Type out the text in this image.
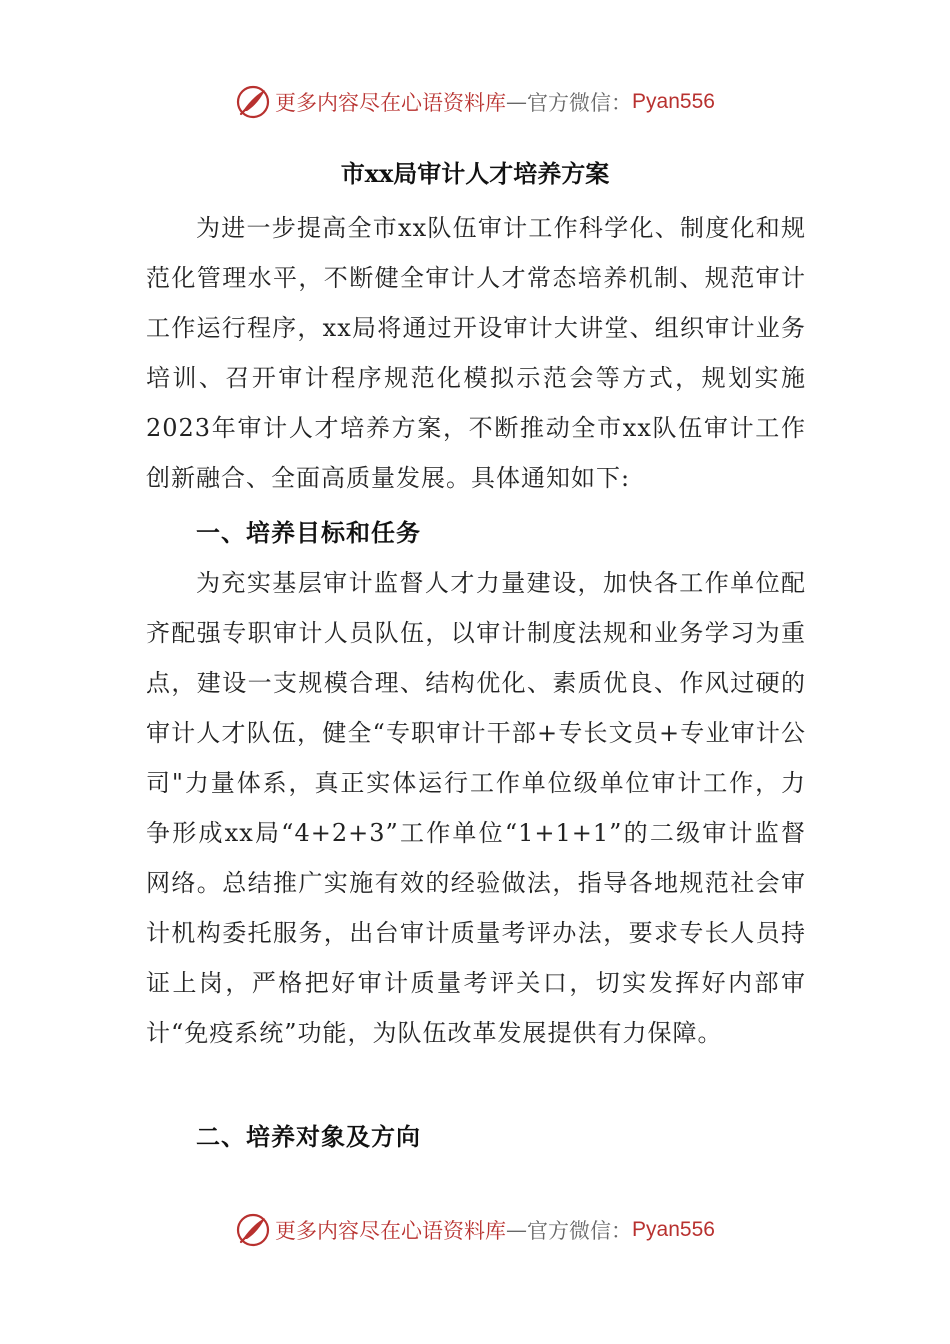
更多内容尽在心语资料库 — 官方微信： Pyan556
市xx局审计人才培养方案

为进一步提高全市xx队伍审计工作科学化、制度化和规范化管理水平，不断健全审计人才常态培养机制、规范审计工作运行程序，xx局将通过开设审计大讲堂、组织审计业务培训、召开审计程序规范化模拟示范会等方式，规划实施2023年审计人才培养方案，不断推动全市xx队伍审计工作创新融合、全面高质量发展。具体通知如下:

一、培养目标和任务

为充实基层审计监督人才力量建设，加快各工作单位配齐配强专职审计人员队伍，以审计制度法规和业务学习为重点，建设一支规模合理、结构优化、素质优良、作风过硬的审计人才队伍，健全“专职审计干部+专长文员+专业审计公司"力量体系，真正实体运行工作单位级单位审计工作，力争形成xx局“4+2+3”工作单位“1+1+1”的二级审计监督网络。总结推广实施有效的经验做法，指导各地规范社会审计机构委托服务，出台审计质量考评办法，要求专长人员持证上岗，严格把好审计质量考评关口，切实发挥好内部审计“免疫系统”功能，为队伍改革发展提供有力保障。

二、培养对象及方向
更多内容尽在心语资料库 — 官方微信： Pyan556
